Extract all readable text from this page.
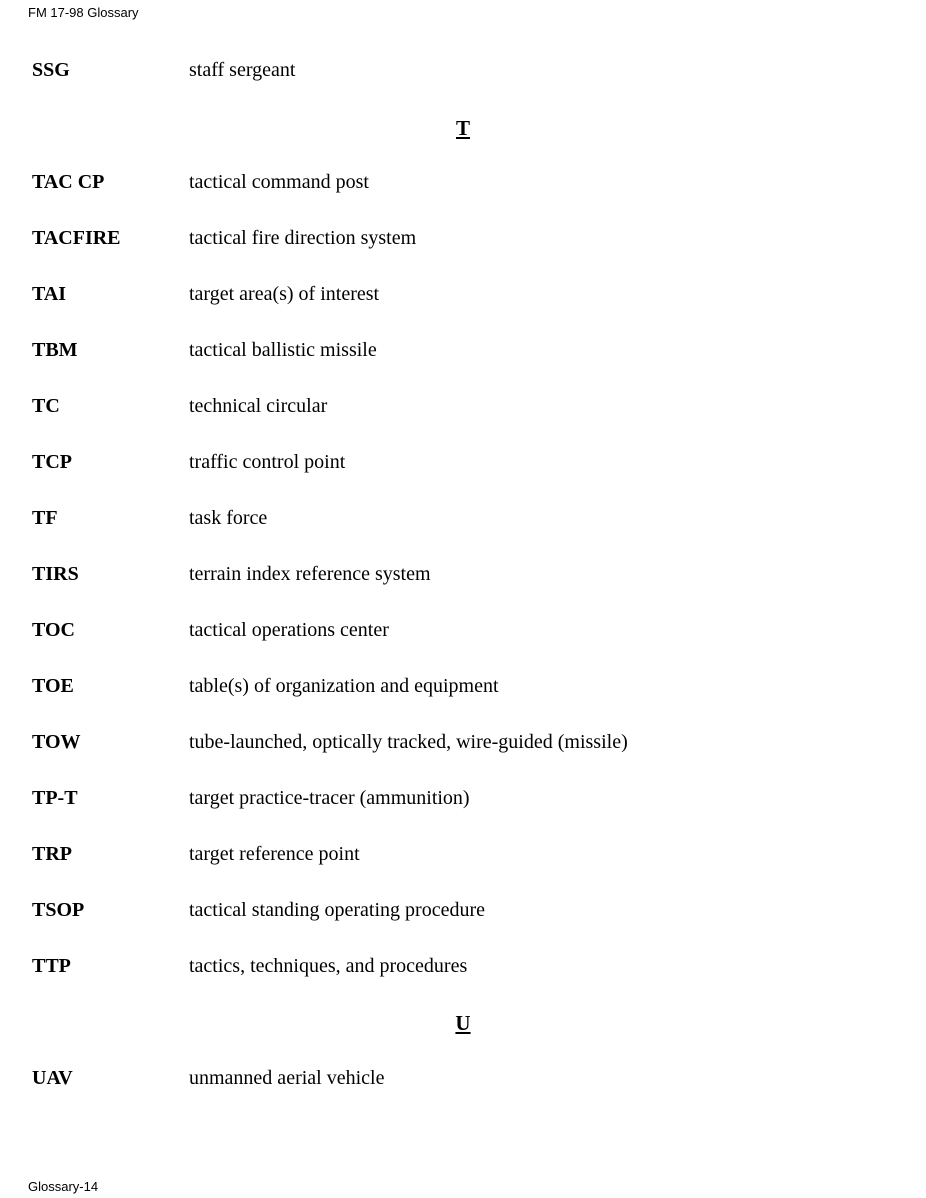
FM 17-98 Glossary
SSG	staff sergeant
T
TAC CP	tactical command post
TACFIRE	tactical fire direction system
TAI	target area(s) of interest
TBM	tactical ballistic missile
TC	technical circular
TCP	traffic control point
TF	task force
TIRS	terrain index reference system
TOC	tactical operations center
TOE	table(s) of organization and equipment
TOW	tube-launched, optically tracked, wire-guided (missile)
TP-T	target practice-tracer (ammunition)
TRP	target reference point
TSOP	tactical standing operating procedure
TTP	tactics, techniques, and procedures
U
UAV	unmanned aerial vehicle
Glossary-14
